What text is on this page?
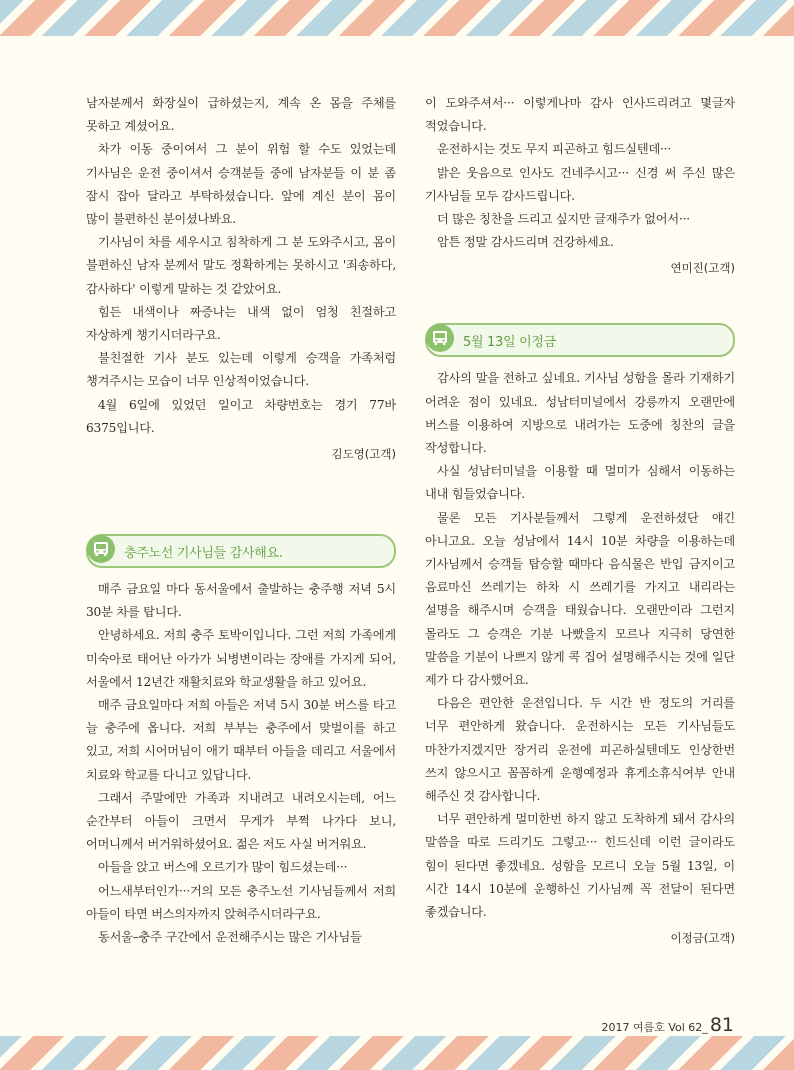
남자분께서 화장실이 급하셨는지, 계속 온 몸을 주체를 못하고 계셨어요.

차가 이동 중이여서 그 분이 위험 할 수도 있었는데 기사님은 운전 중이셔서 승객분들 중에 남자분들 이 분 좀 잠시 잡아 달라고 부탁하셨습니다. 앞에 계신 분이 몸이 많이 불편하신 분이셨나봐요.

기사님이 차를 세우시고 침착하게 그 분 도와주시고, 몸이 불편하신 남자 분께서 말도 정확하게는 못하시고 '죄송하다, 감사하다' 이렇게 말하는 것 같았어요.

힘든 내색이나 짜증나는 내색 없이 엄청 친절하고 자상하게 챙기시더라구요.

불친절한 기사 분도 있는데 이렇게 승객을 가족처럼 챙겨주시는 모습이 너무 인상적이었습니다.

4월 6일에 있었던 일이고 차량번호는 경기 77바 6375입니다.

김도영(고객)
충주노선 기사님들 감사해요.

매주 금요일 마다 동서울에서 출발하는 충주행 저녁 5시 30분 차를 탑니다.

안녕하세요. 저희 충주 토박이입니다. 그런 저희 가족에게 미숙아로 태어난 아가가 뇌병변이라는 장애를 가지게 되어, 서울에서 12년간 재활치료와 학교생활을 하고 있어요.

매주 금요일마다 저희 아들은 저녁 5시 30분 버스를 타고 늘 충주에 옵니다. 저희 부부는 충주에서 맞벌이를 하고 있고, 저희 시어머님이 애기 때부터 아들을 데리고 서울에서 치료와 학교를 다니고 있답니다.

그래서 주말에만 가족과 지내려고 내려오시는데, 어느 순간부터 아들이 크면서 무게가 부쩍 나가다 보니, 어머니께서 버거워하셨어요. 젊은 저도 사실 버거워요.

아들을 앉고 버스에 오르기가 많이 힘드셨는데···

어느새부터인가···거의 모든 충주노선 기사님들께서 저희 아들이 타면 버스의자까지 앉혀주시더라구요.

동서울–충주 구간에서 운전해주시는 많은 기사님들

이 도와주셔서··· 이렇게나마 감사 인사드리려고 몇글자 적었습니다.

운전하시는 것도 무지 피곤하고 힘드실텐데···

밝은 웃음으로 인사도 건네주시고··· 신경 써 주신 많은 기사님들 모두 감사드립니다.

더 많은 칭찬을 드리고 싶지만 글재주가 없어서···

암튼 정말 감사드리며 건강하세요.

연미진(고객)
5월 13일 이정금

감사의 말을 전하고 싶네요. 기사님 성함을 몰라 기재하기 어려운 점이 있네요. 성남터미널에서 강릉까지 오랜만에 버스를 이용하여 지방으로 내려가는 도중에 칭찬의 글을 작성합니다.

사실 성남터미널을 이용할 때 멀미가 심해서 이동하는 내내 힘들었습니다.

물론 모든 기사분들께서 그렇게 운전하셨단 얘긴 아니고요. 오늘 성남에서 14시 10분 차량을 이용하는데 기사님께서 승객들 탑승할 때마다 음식물은 반입 금지이고 음료마신 쓰레기는 하차 시 쓰레기를 가지고 내리라는 설명을 해주시며 승객을 태웠습니다. 오랜만이라 그런지 몰라도 그 승객은 기분 나빴을지 모르나 지극히 당연한 말씀을 기분이 나쁘지 않게 콕 집어 설명해주시는 것에 일단 제가 다 감사했어요.

다음은 편안한 운전입니다. 두 시간 반 정도의 거리를 너무 편안하게 왔습니다. 운전하시는 모든 기사님들도 마찬가지겠지만 장거리 운전에 피곤하실텐데도 인상한번 쓰지 않으시고 꼼꼼하게 운행예정과 휴게소휴식여부 안내 해주신 것 감사합니다.

너무 편안하게 멀미한번 하지 않고 도착하게 돼서 감사의 말씀을 따로 드리기도 그렇고··· 힌드신데 이런 글이라도 힘이 된다면 좋겠네요. 성함을 모르니 오늘 5월 13일, 이 시간 14시 10분에 운행하신 기사님께 꼭 전달이 된다면 좋겠습니다.

이정금(고객)
2017 여름호 Vol 62_ 81
